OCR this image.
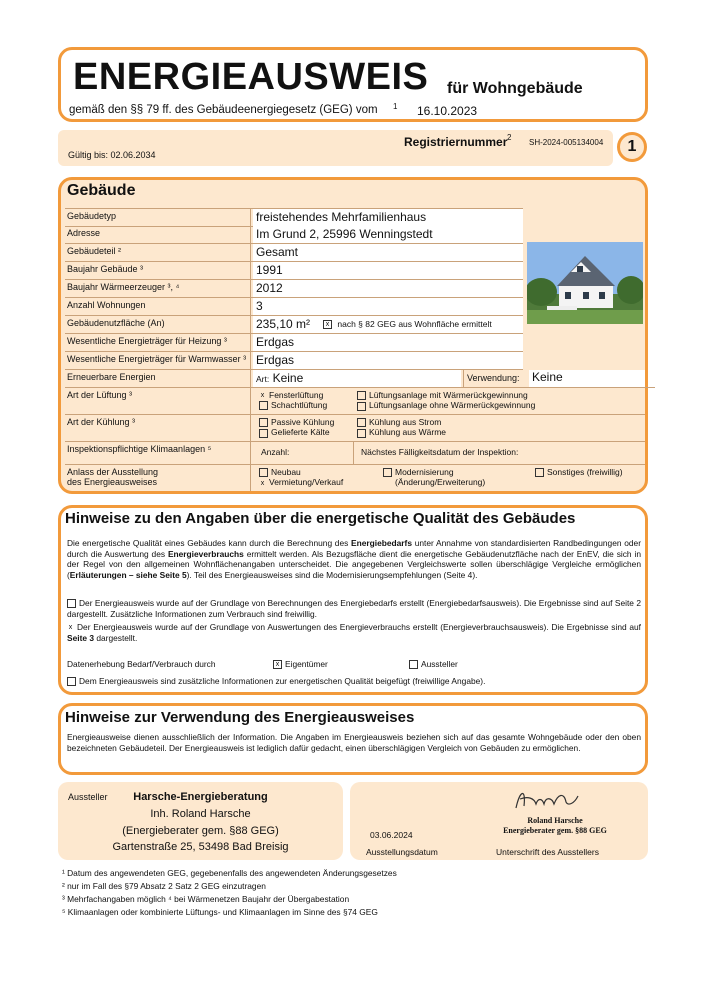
ENERGIEAUSWEIS für Wohngebäude
gemäß den §§ 79 ff. des Gebäudeenergiegesetz (GEG) vom 1 16.10.2023
Registriernummer 2
SH-2024-005134004
Gültig bis: 02.06.2034	1
Gebäude
Gebäudetyp	freistehendes Mehrfamilienhaus
Adresse	Im Grund 2, 25996 Wenningstedt
Gebäudeteil ²	Gesamt
Baujahr Gebäude ³	1991
Baujahr Wärmeerzeuger ³, ⁴	2012
Anzahl Wohnungen	3
Gebäudenutzfläche (An)	235,10 m²	x nach § 82 GEG aus Wohnfläche ermittelt
Wesentliche Energieträger für Heizung ³	Erdgas
Wesentliche Energieträger für Warmwasser ³ Erdgas
Erneuerbare Energien	Art: Keine	Verwendung: Keine
Art der Lüftung ³	x Fensterlüftung
Schachtlüftung
Lüftungsanlage mit Wärmerückgewinnung
Lüftungsanlage ohne Wärmerückgewinnung
Art der Kühlung ³	Passive Kühlung
Gelieferte Kälte
Kühlung aus Strom
Kühlung aus Wärme
Inspektionspflichtige Klimaanlagen ⁵	Anzahl:	Nächstes Fälligkeitsdatum der Inspektion:
Anlass der Ausstellung
des Energieausweises
Neubau
x Vermietung/Verkauf
Modernisierung
(Änderung/Erweiterung)
Sonstiges (freiwillig)
Hinweise zu den Angaben über die energetische Qualität des Gebäudes
Die energetische Qualität eines Gebäudes kann durch die Berechnung des Energiebedarfs unter Annahme von standardisierten Randbedingungen oder durch die Auswertung des Energieverbrauchs ermittelt werden. Als Bezugsfläche dient die energetische Gebäudenutzfläche nach der EnEV, die sich in der Regel von den allgemeinen Wohnflächenangaben unterscheidet. Die angegebenen Vergleichswerte sollen überschlägige Vergleiche ermöglichen (Erläuterungen – siehe Seite 5). Teil des Energieausweises sind die Modernisierungsempfehlungen (Seite 4).
Der Energieausweis wurde auf der Grundlage von Berechnungen des Energiebedarfs erstellt (Energiebedarfsausweis). Die Ergebnisse sind auf Seite 2 dargestellt. Zusätzliche Informationen zum Verbrauch sind freiwillig.
x Der Energieausweis wurde auf der Grundlage von Auswertungen des Energieverbrauchs erstellt (Energieverbrauchsausweis). Die Ergebnisse sind auf Seite 3 dargestellt.
Datenerhebung Bedarf/Verbrauch durch	x Eigentümer	Aussteller
Dem Energieausweis sind zusätzliche Informationen zur energetischen Qualität beigefügt (freiwillige Angabe).
Hinweise zur Verwendung des Energieausweises
Energieausweise dienen ausschließlich der Information. Die Angaben im Energieausweis beziehen sich auf das gesamte Wohngebäude oder den oben bezeichneten Gebäudeteil. Der Energieausweis ist lediglich dafür gedacht, einen überschlägigen Vergleich von Gebäuden zu ermöglichen.
Aussteller	Harsche-Energieberatung
Inh. Roland Harsche
(Energieberater gem. §88 GEG)
Gartenstraße 25, 53498 Bad Breisig
03.06.2024
Ausstellungsdatum
Roland Harsche
Energieberater gem. §88 GEG
Unterschrift des Ausstellers
¹ Datum des angewendeten GEG, gegebenenfalls des angewendeten Änderungsgesetzes
² nur im Fall des §79 Absatz 2 Satz 2 GEG einzutragen
³ Mehrfachangaben möglich ⁴ bei Wärmenetzen Baujahr der Übergabestation
⁵ Klimaanlagen oder kombinierte Lüftungs- und Klimaanlagen im Sinne des §74 GEG
